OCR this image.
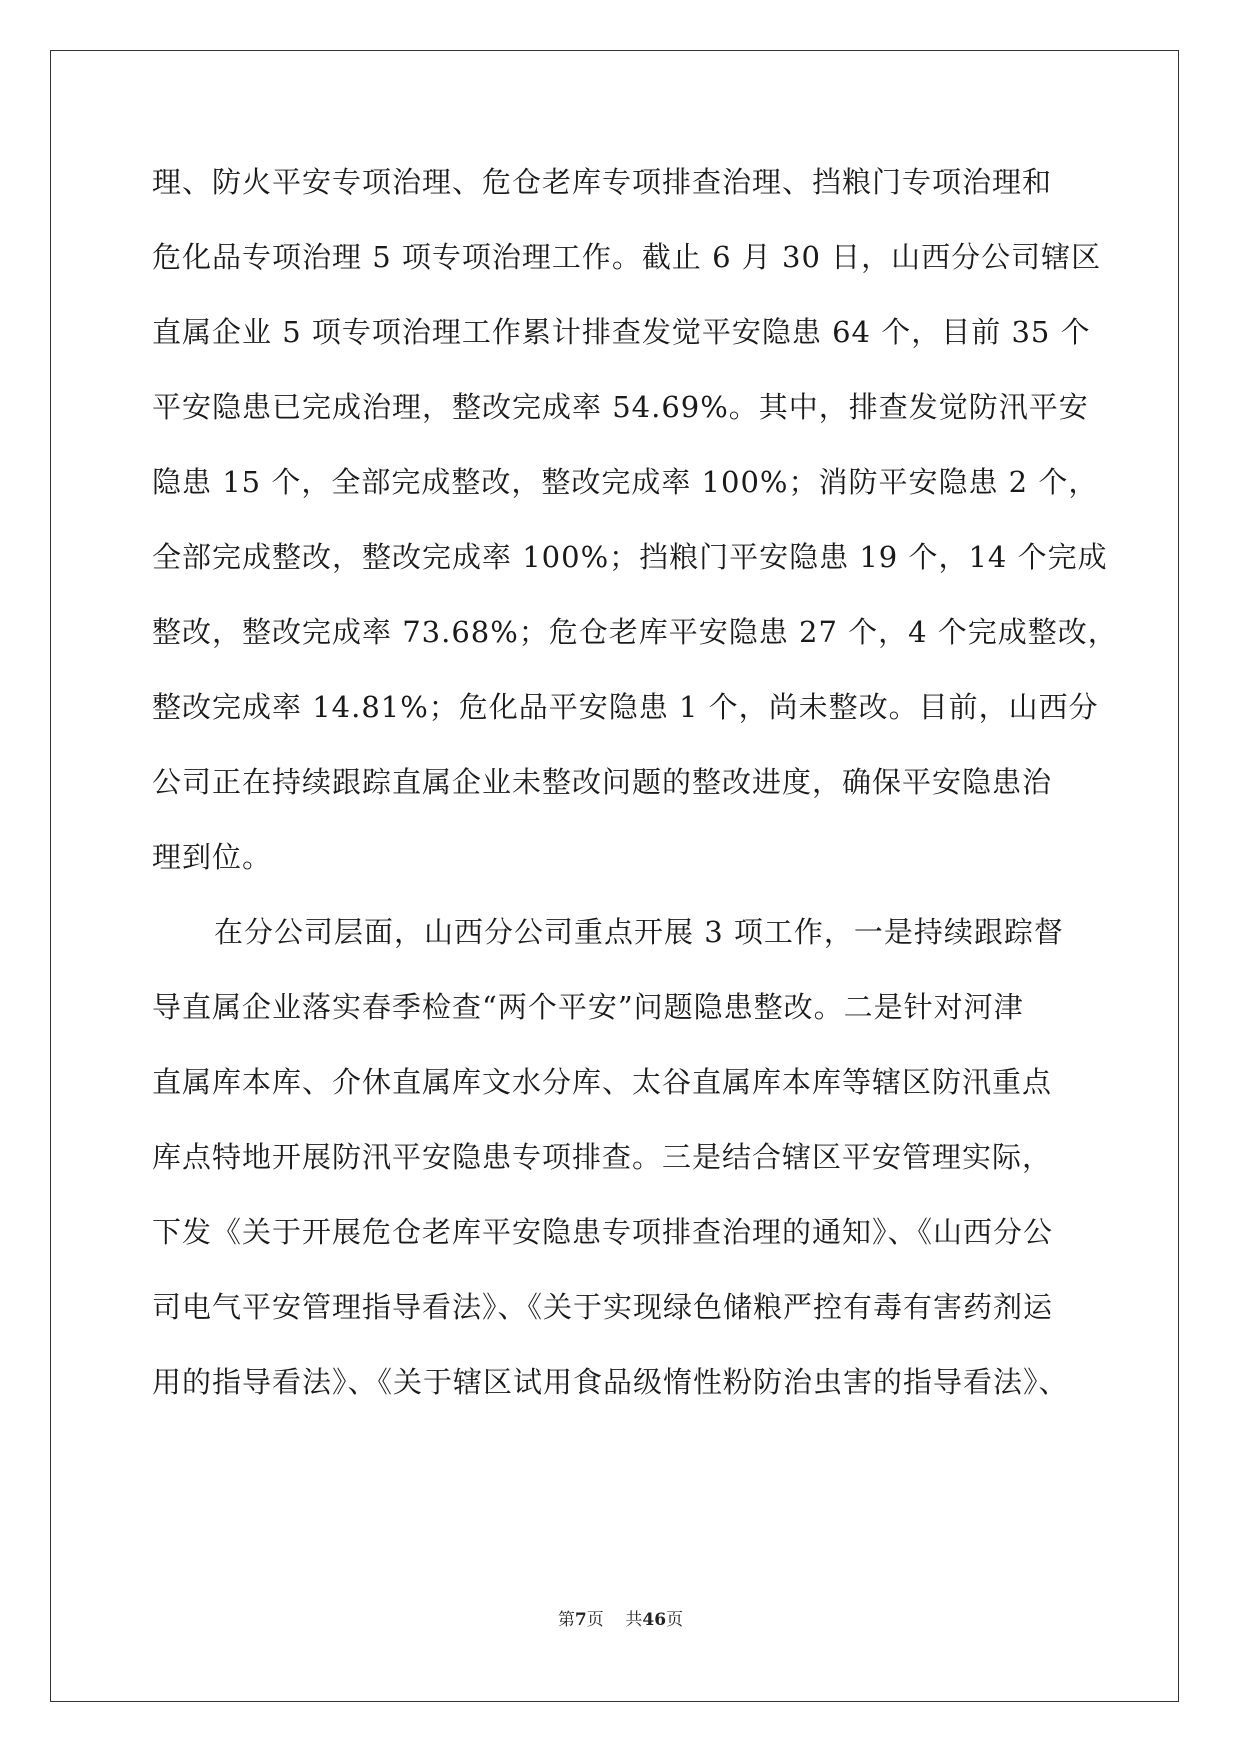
理、防火平安专项治理、危仓老库专项排查治理、挡粮门专项治理和
危化品专项治理 5 项专项治理工作。截止 6 月 30 日，山西分公司辖区
直属企业 5 项专项治理工作累计排查发觉平安隐患 64 个，目前 35 个
平安隐患已完成治理，整改完成率 54.69%。其中，排查发觉防汛平安
隐患 15 个，全部完成整改，整改完成率 100%；消防平安隐患 2 个，
全部完成整改，整改完成率 100%；挡粮门平安隐患 19 个，14 个完成
整改，整改完成率 73.68%；危仓老库平安隐患 27 个，4 个完成整改，
整改完成率 14.81%；危化品平安隐患 1 个，尚未整改。目前，山西分
公司正在持续跟踪直属企业未整改问题的整改进度，确保平安隐患治
理到位。
在分公司层面，山西分公司重点开展 3 项工作，一是持续跟踪督
导直属企业落实春季检查“两个平安”问题隐患整改。二是针对河津
直属库本库、介休直属库文水分库、太谷直属库本库等辖区防汛重点
库点特地开展防汛平安隐患专项排查。三是结合辖区平安管理实际，
下发《关于开展危仓老库平安隐患专项排查治理的通知》、《山西分公
司电气平安管理指导看法》、《关于实现绿色储粮严控有毒有害药剂运
用的指导看法》、《关于辖区试用食品级惰性粉防治虫害的指导看法》、
第7页 共46页
